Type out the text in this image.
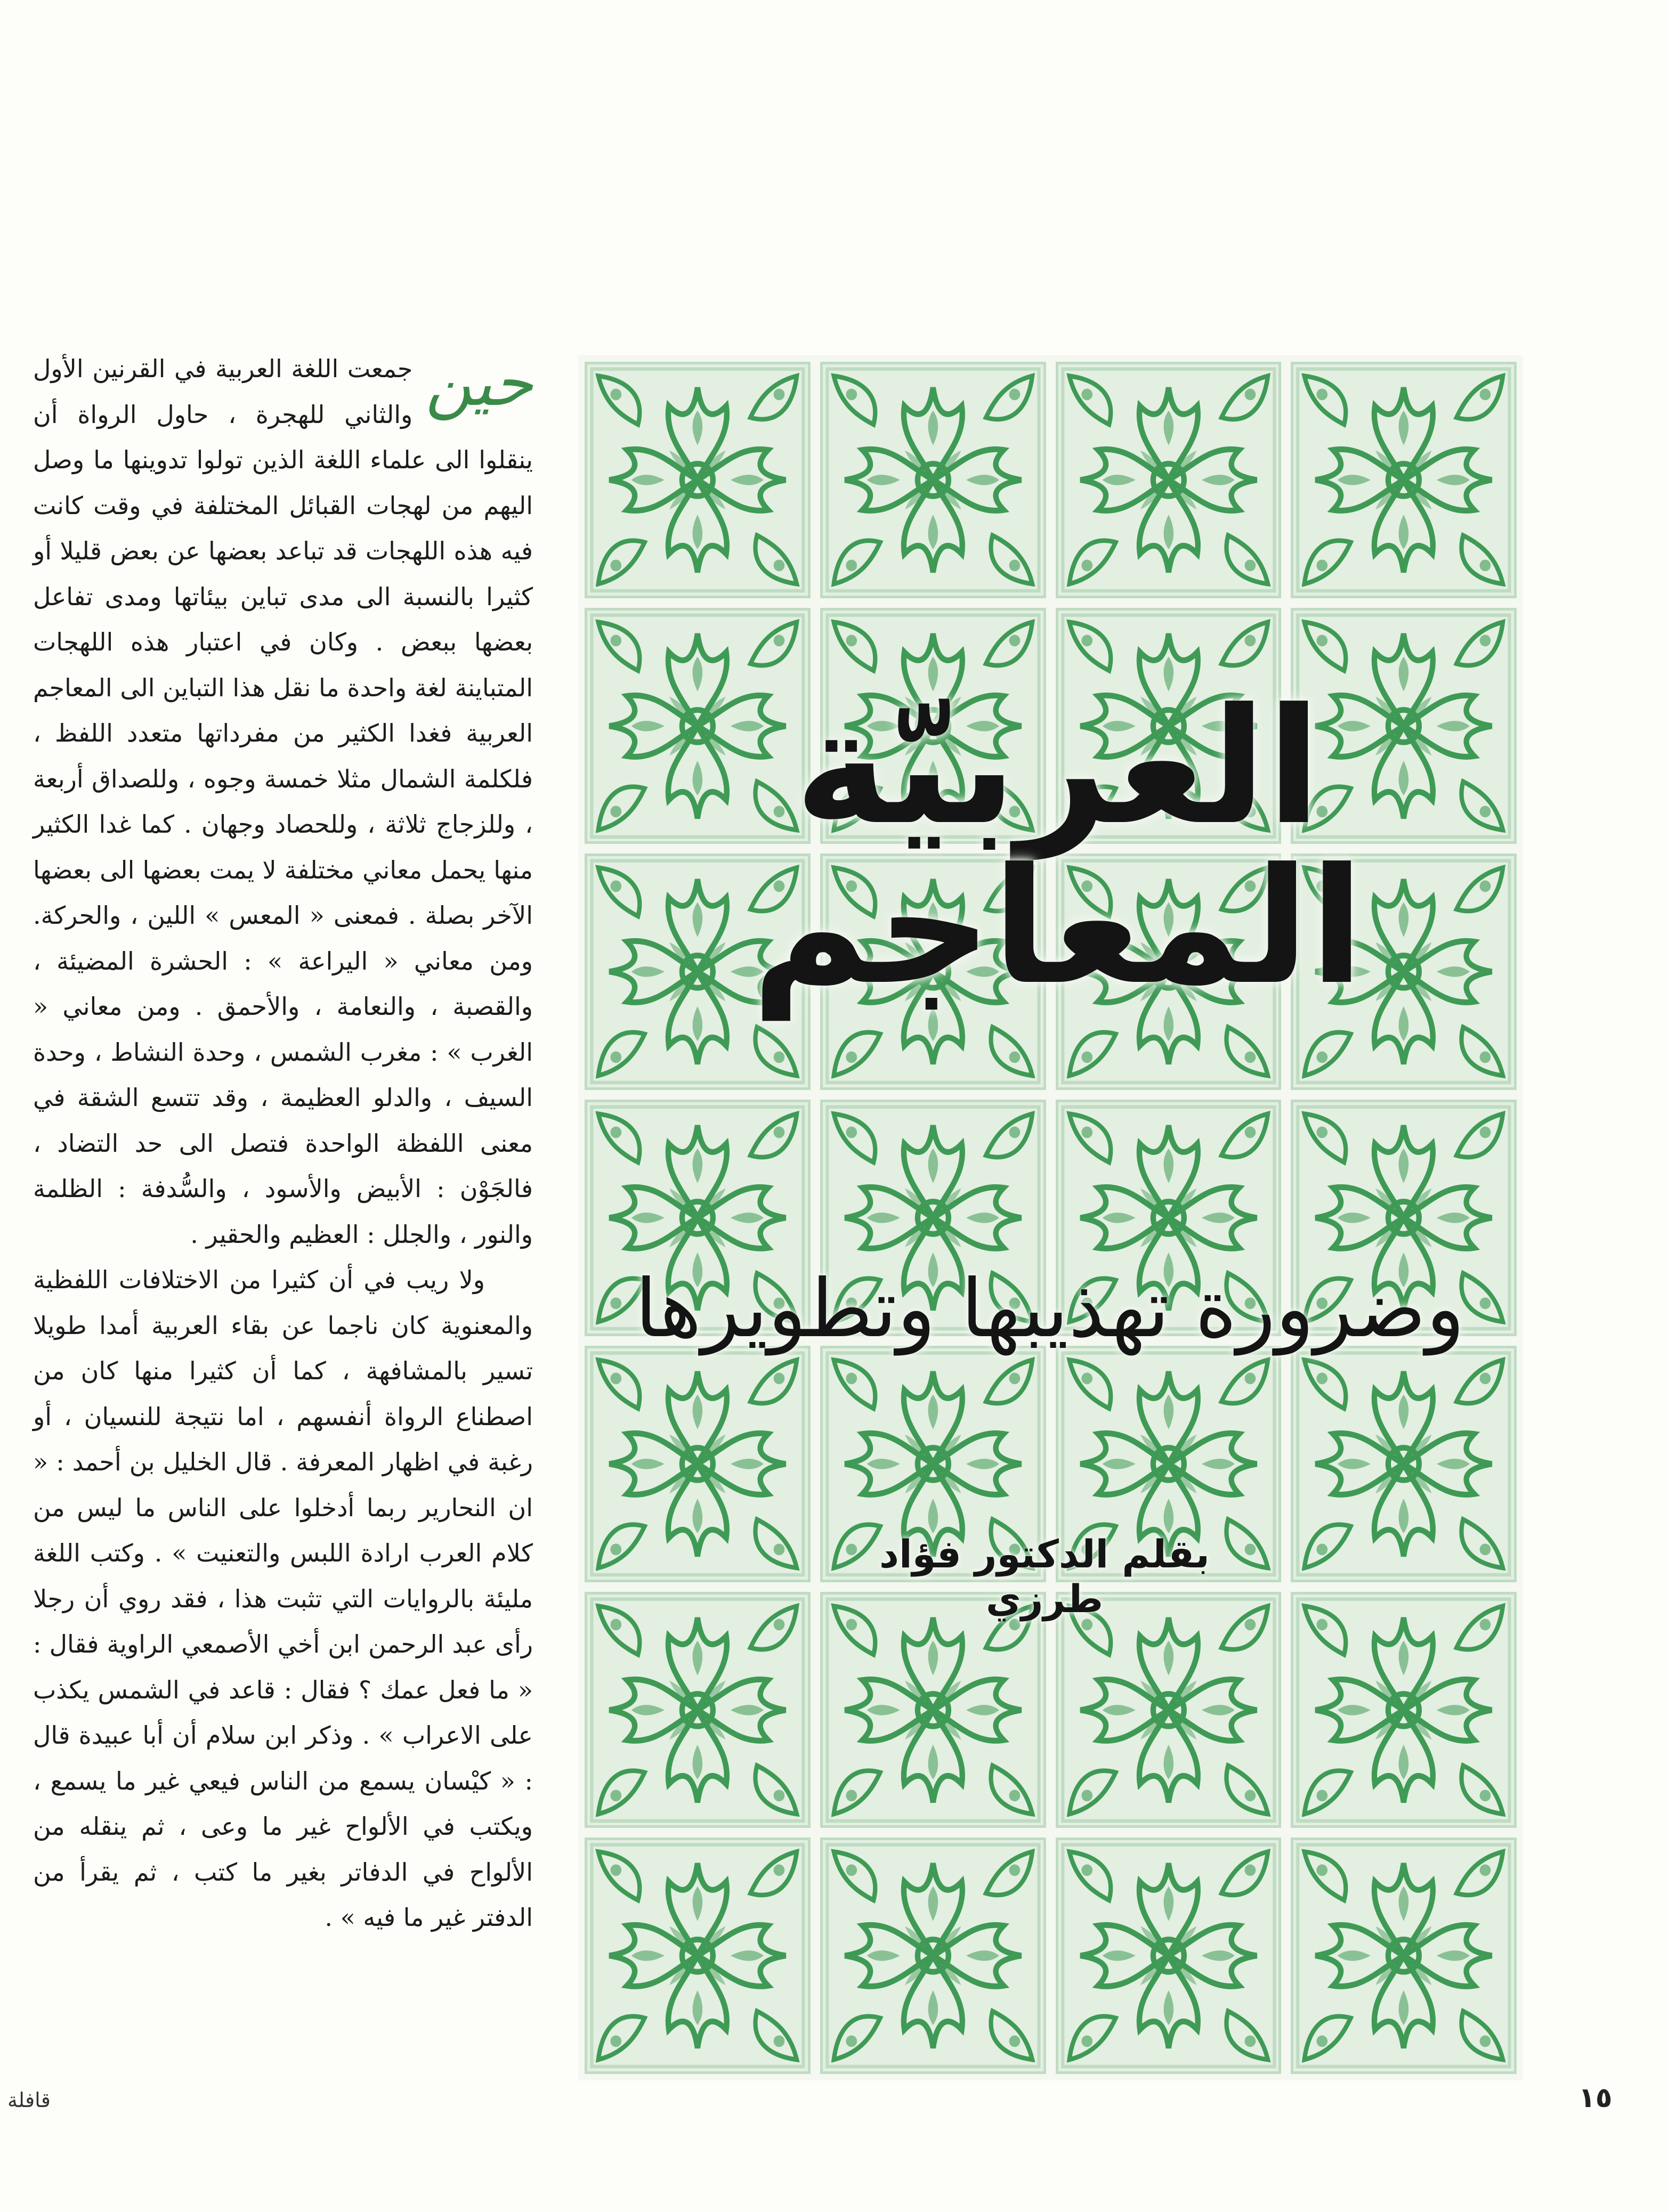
العربيّة
المعاجم
وضرورة تهذيبها وتطويرها
بقلم الدكتور فؤاد طرزي
حين

جمعت اللغة العربية في القرنين الأول والثاني للهجرة ، حاول الرواة أن ينقلوا الى علماء اللغة الذين تولوا تدوينها ما وصل اليهم من لهجات القبائل المختلفة في وقت كانت فيه هذه اللهجات قد تباعد بعضها عن بعض قليلا أو كثيرا بالنسبة الى مدى تباين بيئاتها ومدى تفاعل بعضها ببعض . وكان في اعتبار هذه اللهجات المتباينة لغة واحدة ما نقل هذا التباين الى المعاجم العربية فغدا الكثير من مفرداتها متعدد اللفظ ، فلكلمة الشمال مثلا خمسة وجوه ، وللصداق أربعة ، وللزجاج ثلاثة ، وللحصاد وجهان . كما غدا الكثير منها يحمل معاني مختلفة لا يمت بعضها الى بعضها الآخر بصلة . فمعنى « المعس » اللين ، والحركة. ومن معاني « اليراعة » : الحشرة المضيئة ، والقصبة ، والنعامة ، والأحمق . ومن معاني « الغرب » : مغرب الشمس ، وحدة النشاط ، وحدة السيف ، والدلو العظيمة ، وقد تتسع الشقة في معنى اللفظة الواحدة فتصل الى حد التضاد ، فالجَوْن : الأبيض والأسود ، والسُّدفة : الظلمة والنور ، والجلل : العظيم والحقير .

ولا ريب في أن كثيرا من الاختلافات اللفظية والمعنوية كان ناجما عن بقاء العربية أمدا طويلا تسير بالمشافهة ، كما أن كثيرا منها كان من اصطناع الرواة أنفسهم ، اما نتيجة للنسيان ، أو رغبة في اظهار المعرفة . قال الخليل بن أحمد : « ان النحارير ربما أدخلوا على الناس ما ليس من كلام العرب ارادة اللبس والتعنيت » . وكتب اللغة مليئة بالروايات التي تثبت هذا ، فقد روي أن رجلا رأى عبد الرحمن ابن أخي الأصمعي الراوية فقال : « ما فعل عمك ؟ فقال : قاعد في الشمس يكذب على الاعراب » . وذكر ابن سلام أن أبا عبيدة قال : « كيْسان يسمع من الناس فيعي غير ما يسمع ، ويكتب في الألواح غير ما وعى ، ثم ينقله من الألواح في الدفاتر بغير ما كتب ، ثم يقرأ من الدفتر غير ما فيه » .

١٥
قافلة
